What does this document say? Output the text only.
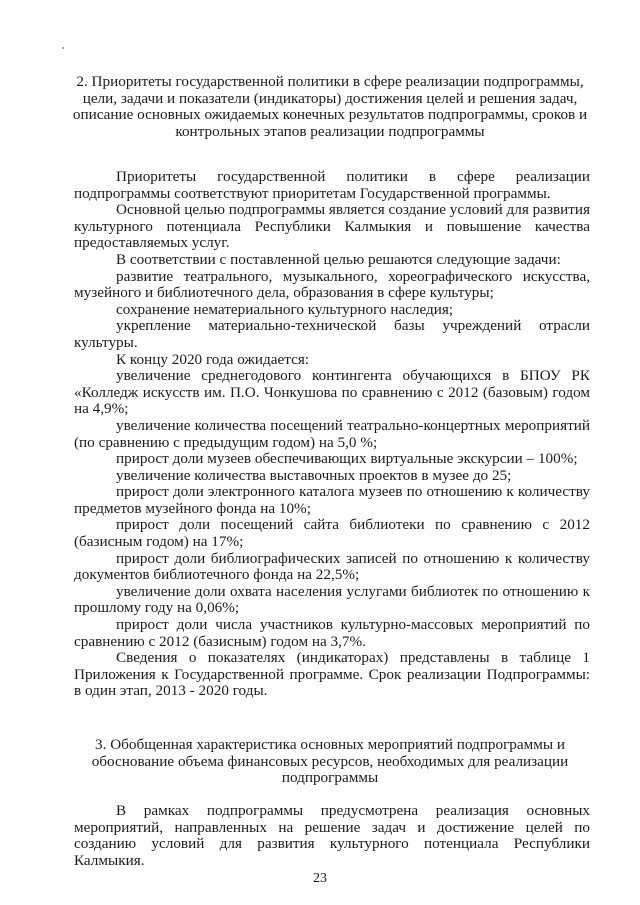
2. Приоритеты государственной политики в сфере реализации подпрограммы, цели, задачи и показатели (индикаторы) достижения целей и решения задач, описание основных ожидаемых конечных результатов подпрограммы, сроков и контрольных этапов реализации подпрограммы

Приоритеты государственной политики в сфере реализации подпрограммы соответствуют приоритетам Государственной программы.

Основной целью подпрограммы является создание условий для развития культурного потенциала Республики Калмыкия и повышение качества предоставляемых услуг.

В соответствии с поставленной целью решаются следующие задачи:

развитие театрального, музыкального, хореографического искусства, музейного и библиотечного дела, образования в сфере культуры;

сохранение нематериального культурного наследия;

укрепление материально-технической базы учреждений отрасли культуры.

К концу 2020 года ожидается:

увеличение среднегодового контингента обучающихся в БПОУ РК «Колледж искусств им. П.О. Чонкушова по сравнению с 2012 (базовым) годом на 4,9%;

увеличение количества посещений театрально-концертных мероприятий (по сравнению с предыдущим годом) на 5,0 %;

прирост доли музеев обеспечивающих виртуальные экскурсии – 100%;

увеличение количества выставочных проектов в музее до 25;

прирост доли электронного каталога музеев по отношению к количеству предметов музейного фонда на 10%;

прирост доли посещений сайта библиотеки по сравнению с 2012 (базисным годом) на 17%;

прирост доли библиографических записей по отношению к количеству документов библиотечного фонда на 22,5%;

увеличение доли охвата населения услугами библиотек по отношению к прошлому году на 0,06%;

прирост доли числа участников культурно-массовых мероприятий по сравнению с 2012 (базисным) годом на 3,7%.

Сведения о показателях (индикаторах) представлены в таблице 1 Приложения к Государственной программе. Срок реализации Подпрограммы: в один этап, 2013 - 2020 годы.

3. Обобщенная характеристика основных мероприятий подпрограммы и обоснование объема финансовых ресурсов, необходимых для реализации подпрограммы

В рамках подпрограммы предусмотрена реализация основных мероприятий, направленных на решение задач и достижение целей по созданию условий для развития культурного потенциала Республики Калмыкия.

23
